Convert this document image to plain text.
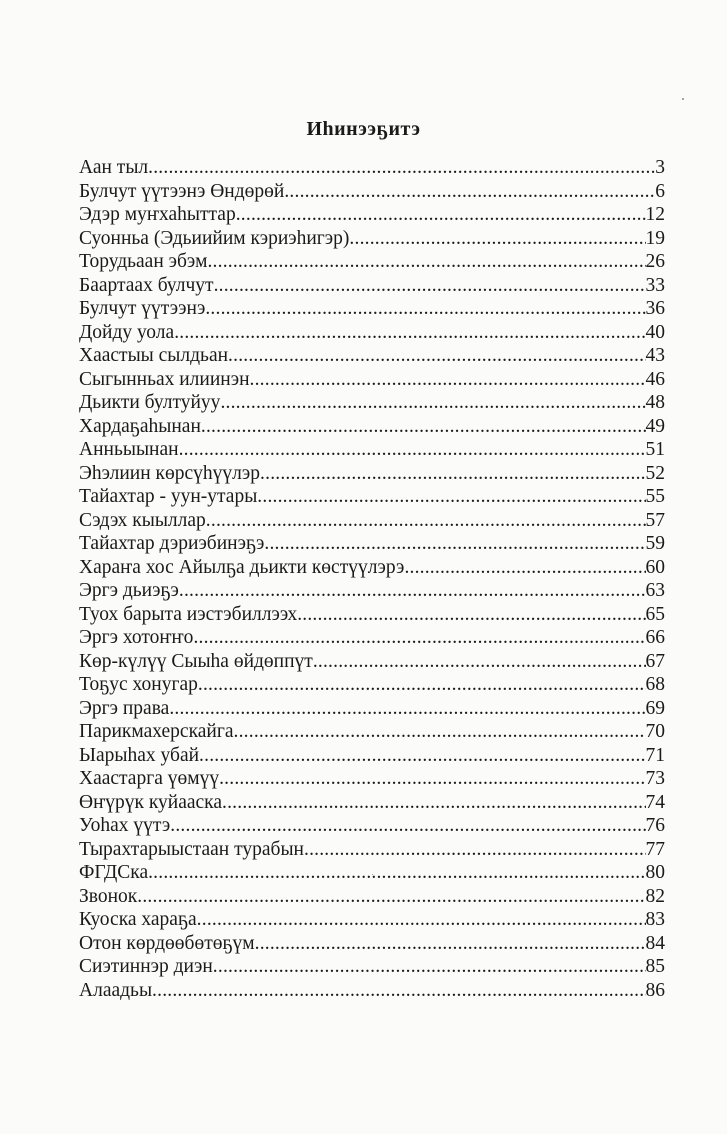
Иһинээҕитэ
Аан тыл .....	3
Булчут үүтээнэ Өндөрөй .....	6
Эдэр муҥхаһыттар .....	12
Суонньа (Эдьиийим кэриэһигэр) .....	19
Торудьаан эбэм .....	26
Баартаах булчут .....	33
Булчут үүтээнэ .....	36
Дойду уола .....	40
Хаастыы сылдьан .....	43
Сыгынньах илиинэн .....	46
Дьикти бултуйуу .....	48
Хардаҕаһынан .....	49
Анньыынан .....	51
Эһэлиин көрсүһүүлэр .....	52
Тайахтар - уун-утары .....	55
Сэдэх кыыллар .....	57
Тайахтар дэриэбинэҕэ .....	59
Хараҥа хос Айылҕа дьикти көстүүлэрэ .....	60
Эргэ дьиэҕэ .....	63
Туох барыта иэстэбиллээх .....	65
Эргэ хотоҥҥо .....	66
Көр-күлүү Сыыһа өйдөппүт .....	67
Тоҕус хонугар .....	68
Эргэ права .....	69
Парикмахерскайга .....	70
Ыарыһах убай .....	71
Хаастарга үөмүү .....	73
Өҥүрүк куйааска .....	74
Уоһах үүтэ .....	76
Тырахтарыыстаан турабын .....	77
ФГДСка .....	80
Звонок .....	82
Куоска хараҕа .....	83
Отон көрдөөбөтөҕүм .....	84
Сиэтиннэр диэн .....	85
Алаадьы .....	86
